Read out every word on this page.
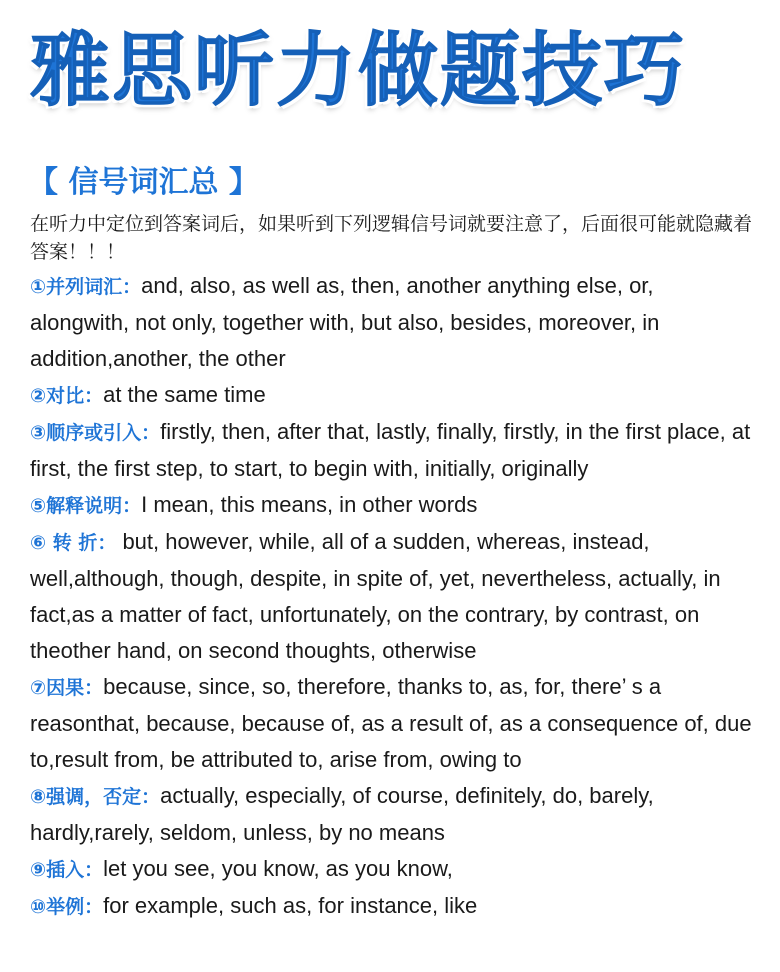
雅思听力做题技巧
【 信号词汇总 】

在听力中定位到答案词后，如果听到下列逻辑信号词就要注意了，后面很可能就隐藏着答案！！！

①并列词汇：and, also, as well as, then, another anything else, or, alongwith, not only, together with, but also, besides, moreover, in addition,another, the other
②对比：at the same time
③顺序或引入：firstly, then, after that, lastly, finally, firstly, in the first place, at first, the first step, to start, to begin with, initially, originally
⑤解释说明：I mean, this means, in other words
⑥ 转 折： but, however, while, all of a sudden, whereas, instead, well,although, though, despite, in spite of, yet, nevertheless, actually, in fact,as a matter of fact, unfortunately, on the contrary, by contrast, on theother hand, on second thoughts, otherwise
⑦因果：because, since, so, therefore, thanks to, as, for, there’ s a reasonthat, because, because of, as a result of, as a consequence of, due to,result from, be attributed to, arise from, owing to
⑧强调，否定：actually, especially, of course, definitely, do, barely, hardly,rarely, seldom, unless, by no means
⑨插入：let you see, you know, as you know,
⑩举例：for example, such as, for instance, like
